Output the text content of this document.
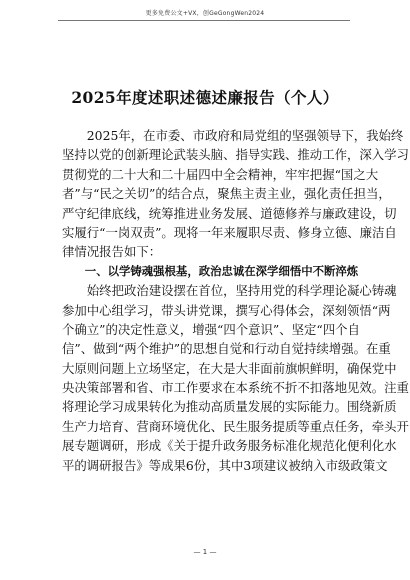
更多免费公文+VX，创GeGongWen2024
2025年度述职述德述廉报告（个人）
2025年，在市委、市政府和局党组的坚强领导下，我始终
坚持以党的创新理论武装头脑、指导实践、推动工作，深入学习
贯彻党的二十大和二十届四中全会精神，牢牢把握“国之大
者”与“民之关切”的结合点，聚焦主责主业，强化责任担当，
严守纪律底线，统筹推进业务发展、道德修养与廉政建设，切
实履行“一岗双责”。现将一年来履职尽责、修身立德、廉洁自
律情况报告如下：
一、以学铸魂强根基，政治忠诚在深学细悟中不断淬炼
始终把政治建设摆在首位，坚持用党的科学理论凝心铸魂
参加中心组学习，带头讲党课，撰写心得体会，深刻领悟“两
个确立”的决定性意义，增强“四个意识”、坚定“四个自
信”、做到“两个维护”的思想自觉和行动自觉持续增强。在重
大原则问题上立场坚定，在大是大非面前旗帜鲜明，确保党中
央决策部署和省、市工作要求在本系统不折不扣落地见效。注重
将理论学习成果转化为推动高质量发展的实际能力。围绕新质
生产力培育、营商环境优化、民生服务提质等重点任务，牵头开
展专题调研，形成《关于提升政务服务标准化规范化便利化水
平的调研报告》等成果6份，其中3项建议被纳入市级政策文
— 1 —
